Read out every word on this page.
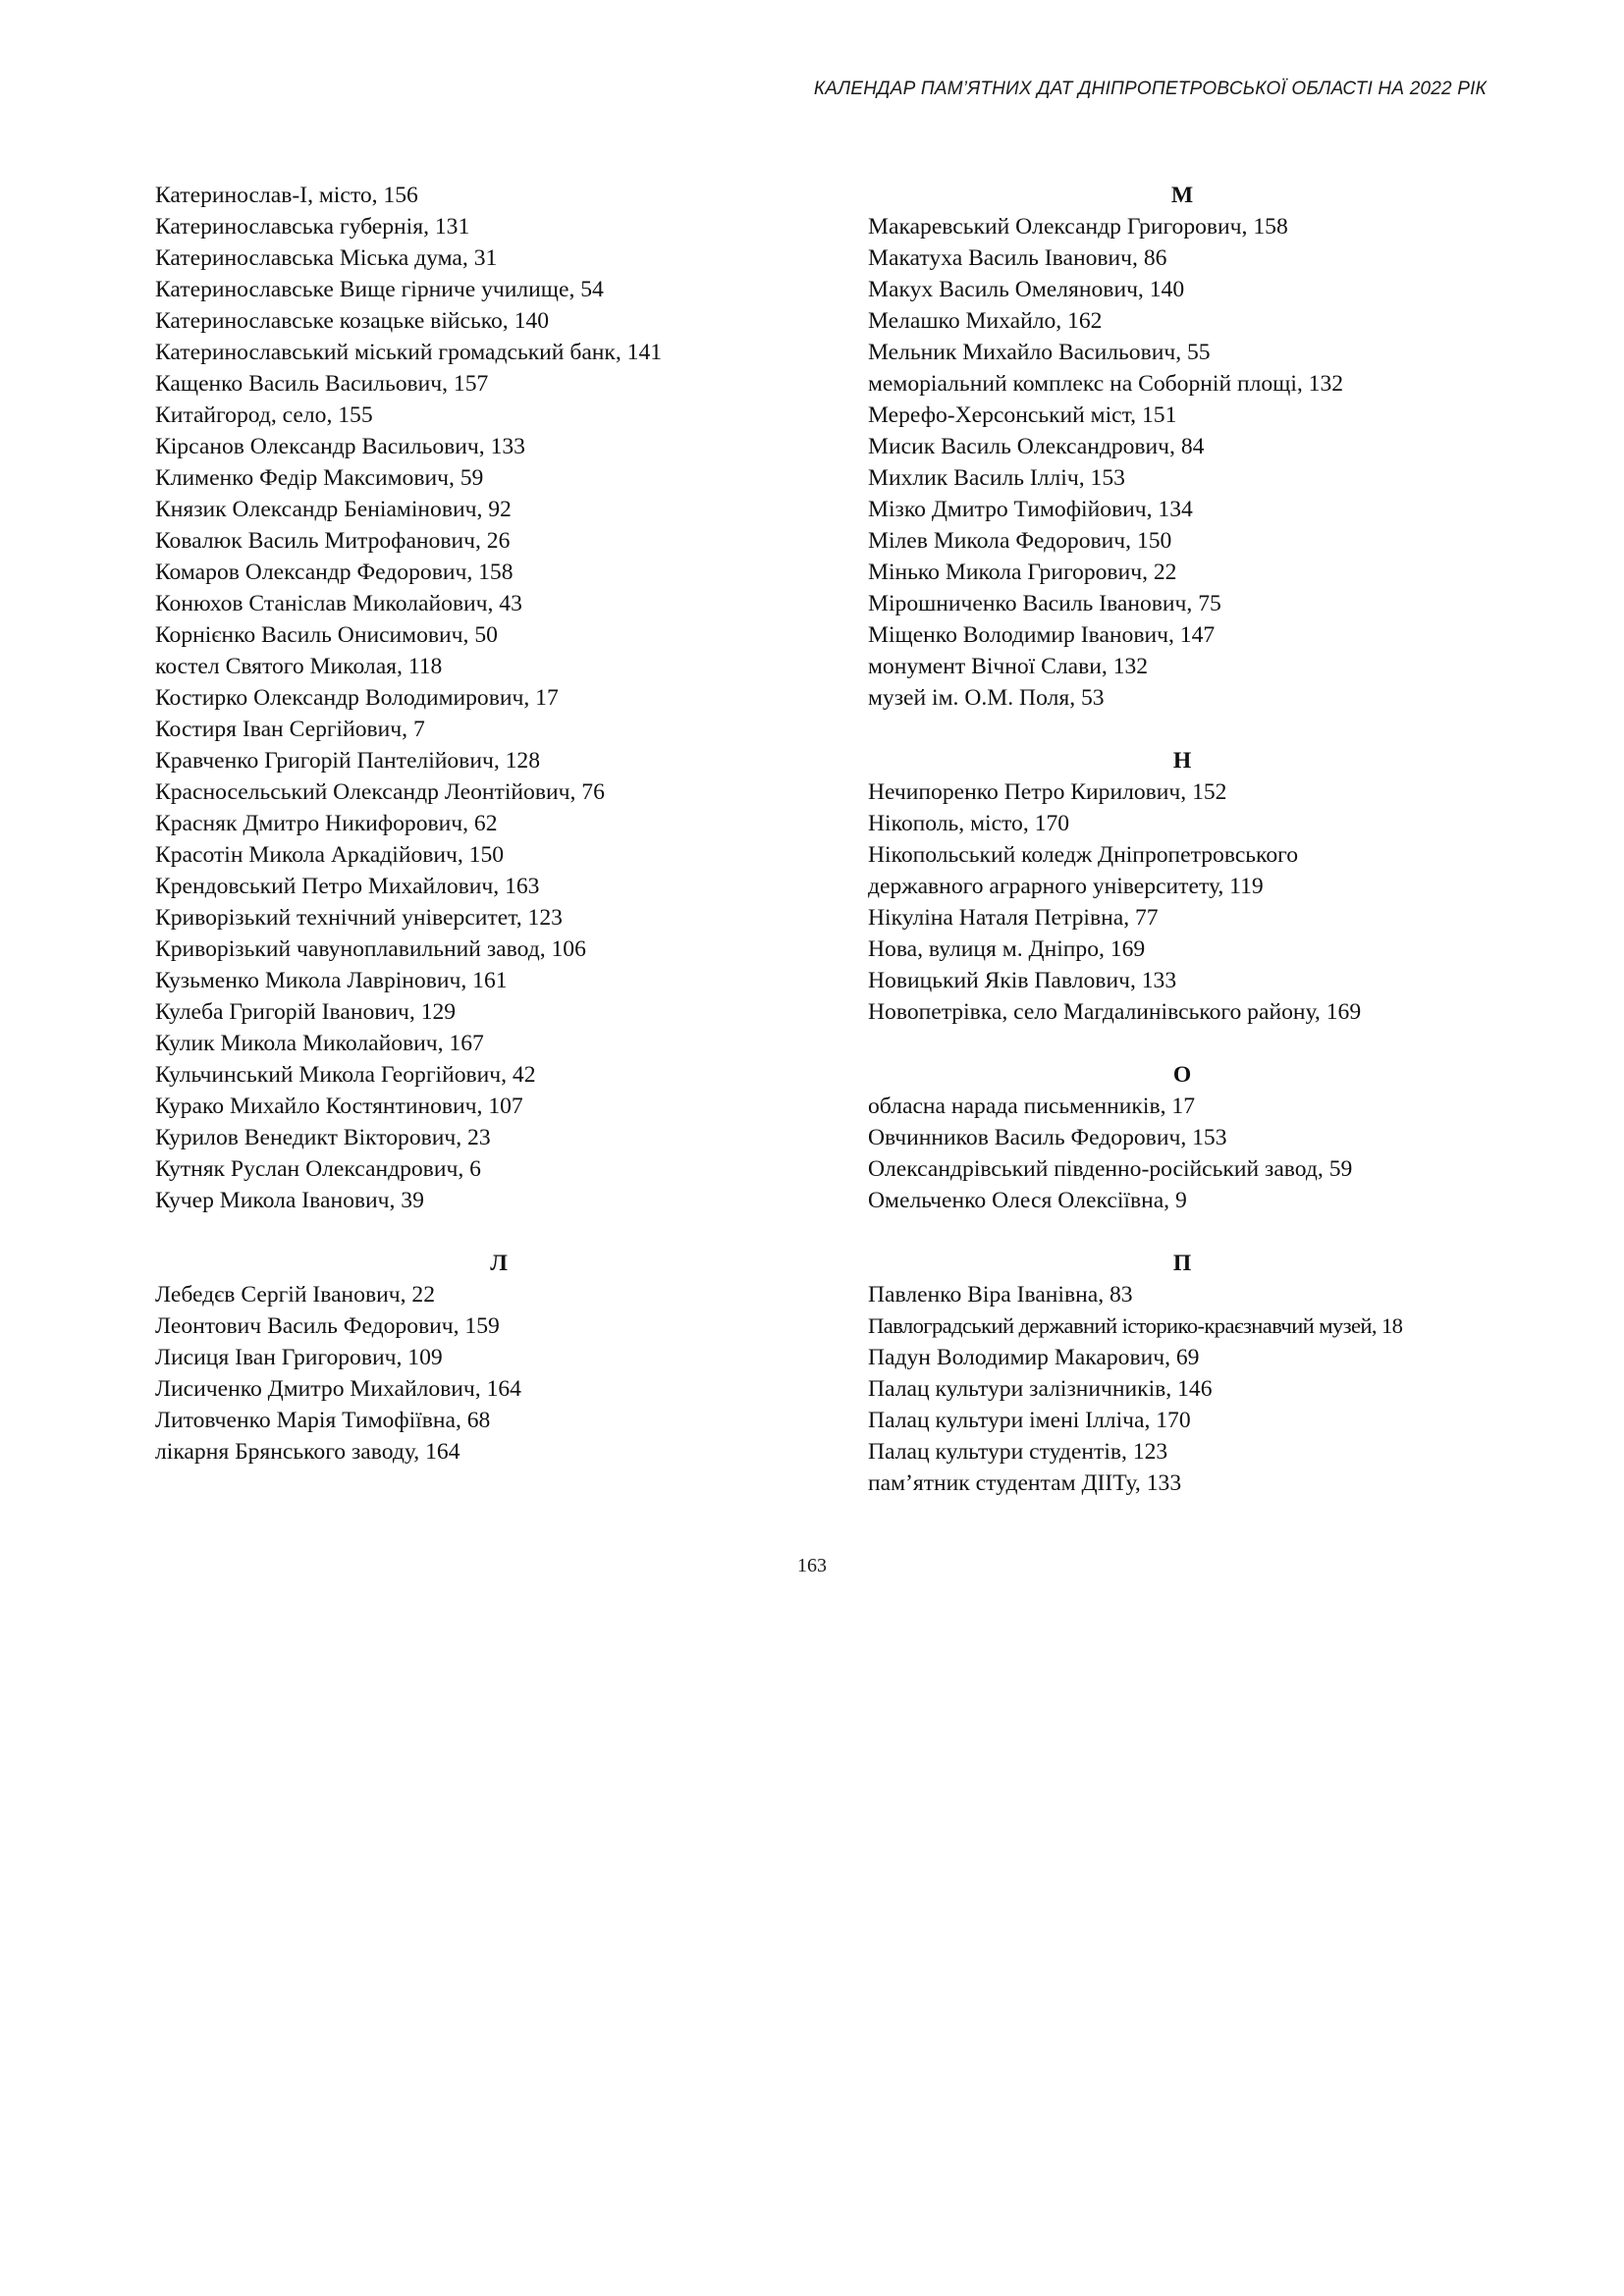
КАЛЕНДАР ПАМ’ЯТНИХ ДАТ ДНІПРОПЕТРОВСЬКОЇ ОБЛАСТІ НА 2022 РІК
Катеринослав-І, місто, 156
Катеринославська губернія, 131
Катеринославська Міська дума, 31
Катеринославське Вище гірниче училище, 54
Катеринославське козацьке військо, 140
Катеринославський міський громадський банк, 141
Кащенко Василь Васильович, 157
Китайгород, село, 155
Кірсанов Олександр Васильович, 133
Клименко Федір Максимович, 59
Князик Олександр Беніамінович, 92
Ковалюк Василь Митрофанович, 26
Комаров Олександр Федорович, 158
Конюхов Станіслав Миколайович, 43
Корнієнко Василь Онисимович, 50
костел Святого Миколая, 118
Костирко Олександр Володимирович, 17
Костиря Іван Сергійович, 7
Кравченко Григорій Пантелійович, 128
Красносельський Олександр Леонтійович, 76
Красняк Дмитро Никифорович, 62
Красотін Микола Аркадійович, 150
Крендовський Петро Михайлович, 163
Криворізький технічний університет, 123
Криворізький чавуноплавильний завод, 106
Кузьменко Микола Лаврінович, 161
Кулеба Григорій Іванович, 129
Кулик Микола Миколайович, 167
Кульчинський Микола Георгійович, 42
Курако Михайло Костянтинович, 107
Курилов Венедикт Вікторович, 23
Кутняк Руслан Олександрович, 6
Кучер Микола Іванович, 39
Л
Лебедєв Сергій Іванович, 22
Леонтович Василь Федорович, 159
Лисиця Іван Григорович, 109
Лисиченко Дмитро Михайлович, 164
Литовченко Марія Тимофіївна, 68
лікарня Брянського заводу, 164
М
Макаревський Олександр Григорович, 158
Макатуха Василь Іванович, 86
Макух Василь Омелянович, 140
Мелашко Михайло, 162
Мельник Михайло Васильович, 55
меморіальний комплекс на Соборній площі, 132
Мерефо-Херсонський міст, 151
Мисик Василь Олександрович, 84
Михлик Василь Ілліч, 153
Мізко Дмитро Тимофійович, 134
Мілев Микола Федорович, 150
Мінько Микола Григорович, 22
Мірошниченко Василь Іванович, 75
Міщенко Володимир Іванович, 147
монумент Вічної Слави, 132
музей ім. О.М. Поля, 53
Н
Нечипоренко Петро Кирилович, 152
Нікополь, місто, 170
Нікопольський коледж Дніпропетровського
державного аграрного університету, 119
Нікуліна Наталя Петрівна, 77
Нова, вулиця м. Дніпро, 169
Новицький Яків Павлович, 133
Новопетрівка, село Магдалинівського району, 169
О
обласна нарада письменників, 17
Овчинников Василь Федорович, 153
Олександрівський південно-російський завод, 59
Омельченко Олеся Олексіївна, 9
П
Павленко Віра Іванівна, 83
Павлоградський державний історико-краєзнавчий музей, 18
Падун Володимир Макарович, 69
Палац культури залізничників, 146
Палац культури імені Ілліча, 170
Палац культури студентів, 123
пам’ятник студентам ДІІТу, 133
163
